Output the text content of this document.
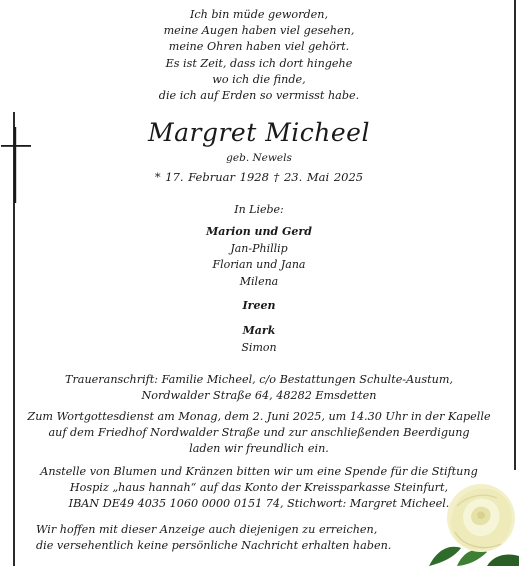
Ich bin müde geworden,
meine Augen haben viel gesehen,
meine Ohren haben viel gehört.
Es ist Zeit, dass ich dort hingehe
wo ich die finde,
die ich auf Erden so vermisst habe.
Margret Micheel
geb. Newels
* 17. Februar 1928 † 23. Mai 2025
In Liebe:
Marion und Gerd
Jan-Phillip
Florian und Jana
Milena
Ireen
Mark
Simon
Traueranschrift: Familie Micheel, c/o Bestattungen Schulte-Austum,
Nordwalder Straße 64, 48282 Emsdetten
Zum Wortgottesdienst am Monag, dem 2. Juni 2025, um 14.30 Uhr in der Kapelle
auf dem Friedhof Nordwalder Straße und zur anschließenden Beerdigung
laden wir freundlich ein.
Anstelle von Blumen und Kränzen bitten wir um eine Spende für die Stiftung
Hospiz „haus hannah“ auf das Konto der Kreissparkasse Steinfurt,
IBAN DE49 4035 1060 0000 0151 74, Stichwort: Margret Micheel.
Wir hoffen mit dieser Anzeige auch diejenigen zu erreichen,
die versehentlich keine persönliche Nachricht erhalten haben.
